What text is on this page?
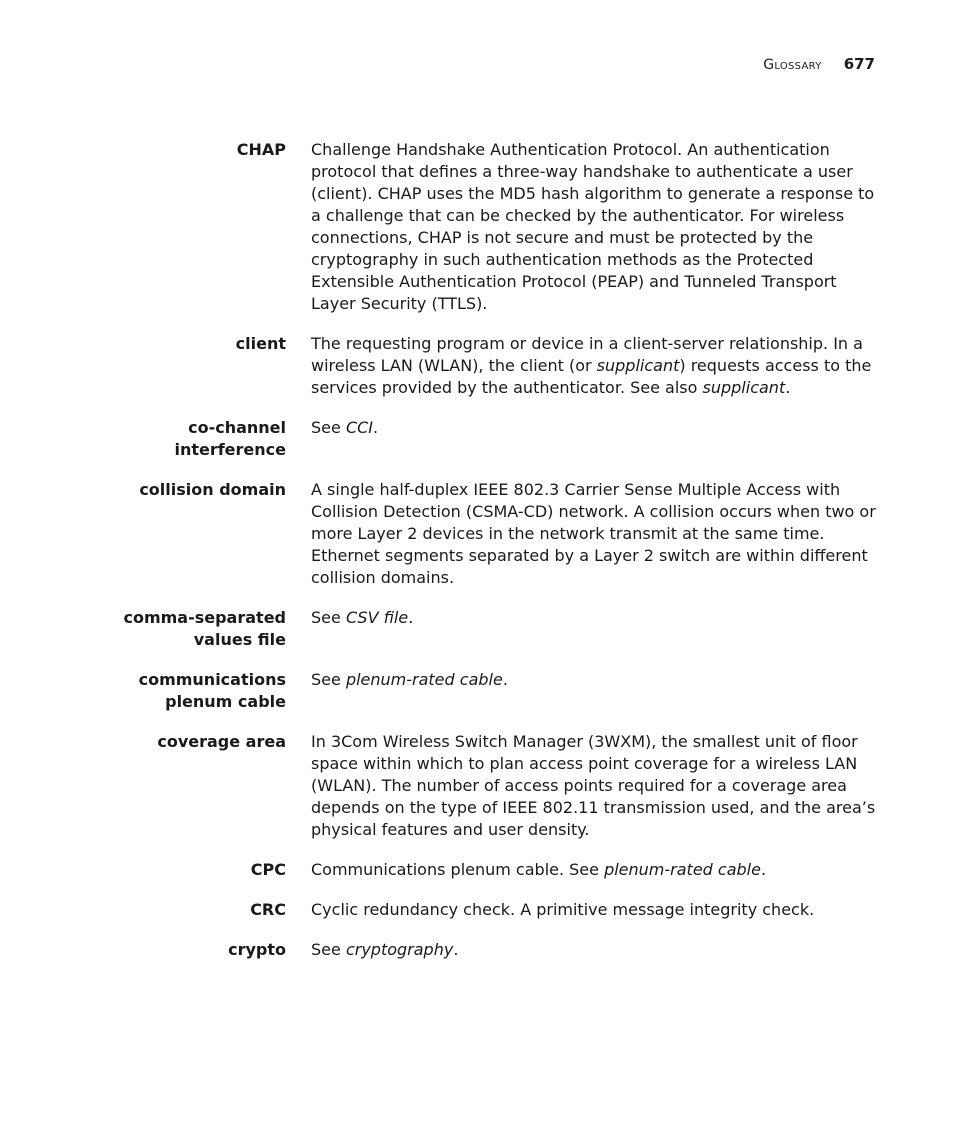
Glossary 677
CHAP Challenge Handshake Authentication Protocol. An authentication protocol that defines a three-way handshake to authenticate a user (client). CHAP uses the MD5 hash algorithm to generate a response to a challenge that can be checked by the authenticator. For wireless connections, CHAP is not secure and must be protected by the cryptography in such authentication methods as the Protected Extensible Authentication Protocol (PEAP) and Tunneled Transport Layer Security (TTLS).
client The requesting program or device in a client-server relationship. In a wireless LAN (WLAN), the client (or supplicant) requests access to the services provided by the authenticator. See also supplicant.
co-channel
interference
See CCI.
collision domain A single half-duplex IEEE 802.3 Carrier Sense Multiple Access with Collision Detection (CSMA-CD) network. A collision occurs when two or more Layer 2 devices in the network transmit at the same time. Ethernet segments separated by a Layer 2 switch are within different collision domains.
comma-separated
values file
See CSV file.
communications
plenum cable
See plenum-rated cable.
coverage area In 3Com Wireless Switch Manager (3WXM), the smallest unit of floor space within which to plan access point coverage for a wireless LAN (WLAN). The number of access points required for a coverage area depends on the type of IEEE 802.11 transmission used, and the area’s physical features and user density.
CPC Communications plenum cable. See plenum-rated cable.
CRC Cyclic redundancy check. A primitive message integrity check.
crypto See cryptography.
